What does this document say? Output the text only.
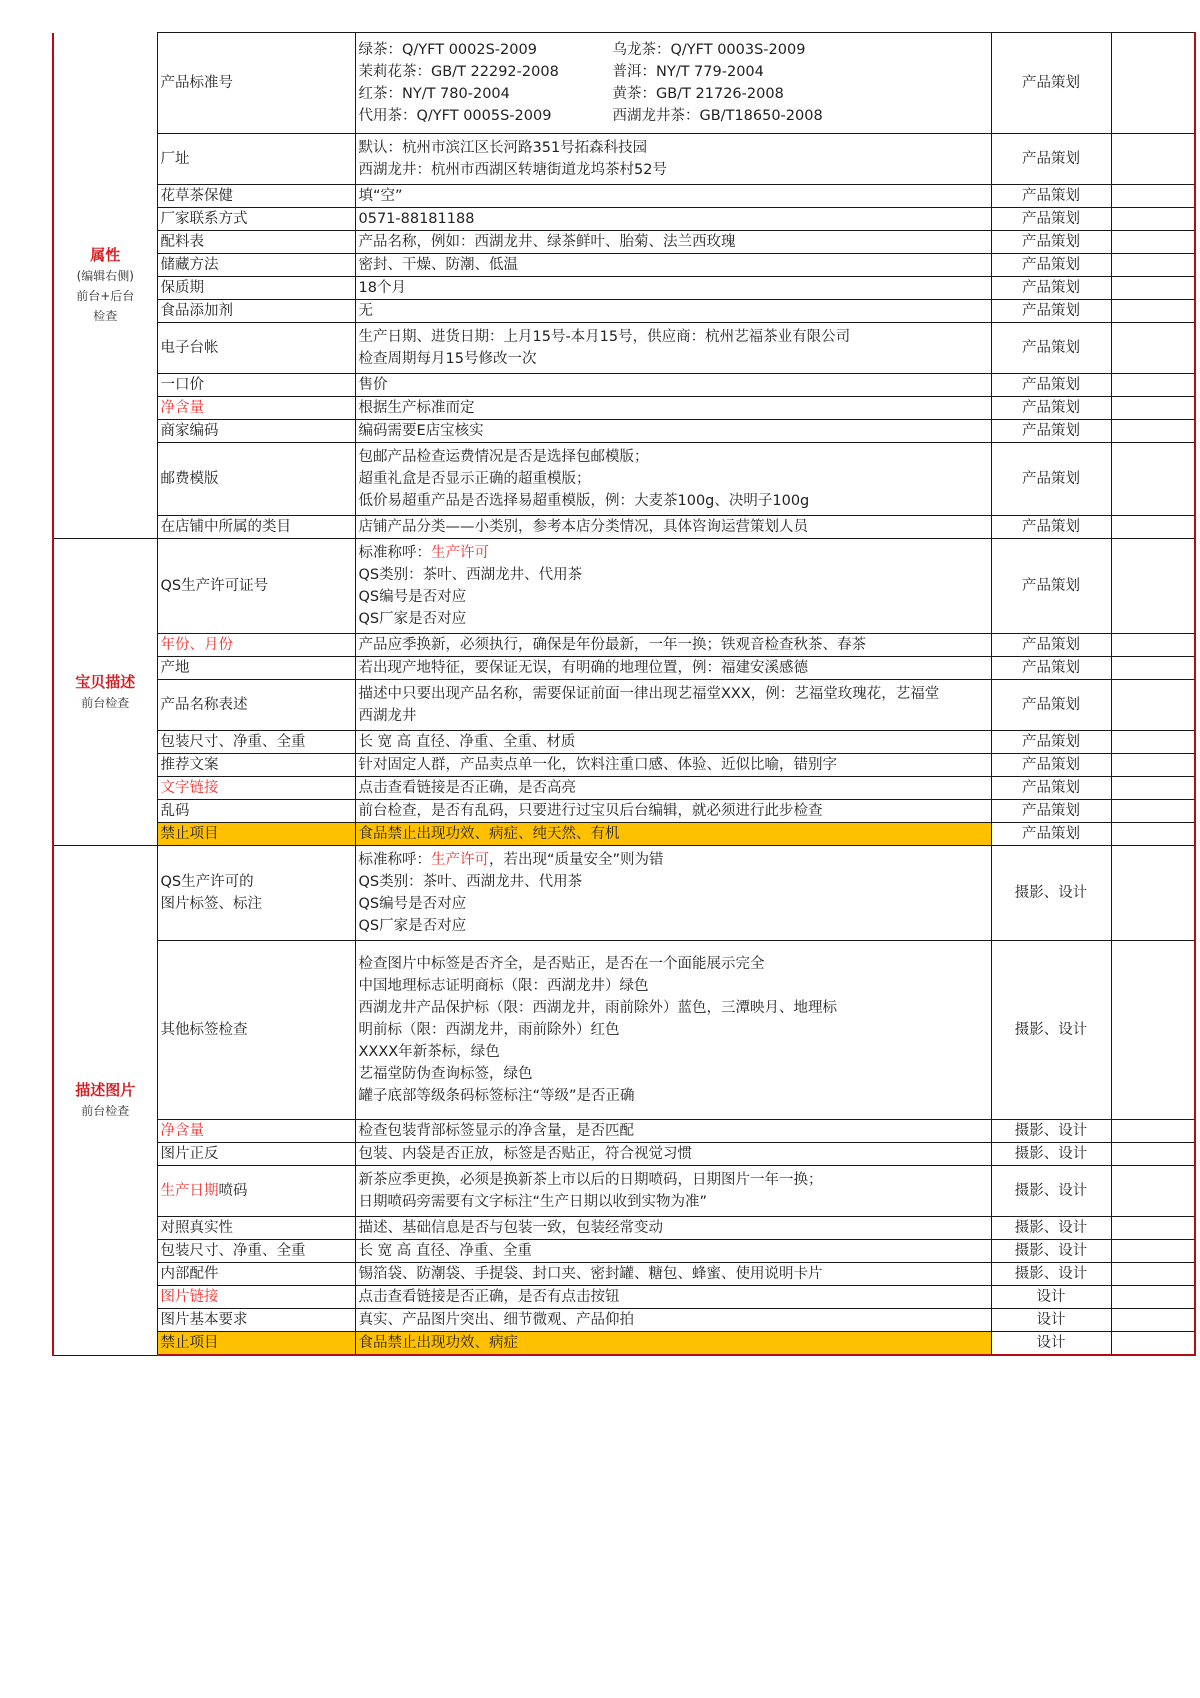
属性
(编辑右侧)
前台+后台
检查
	产品标准号	
绿茶：Q/YFT 0002S-2009	乌龙茶：Q/YFT 0003S-2009
茉莉花茶：GB/T 22292-2008	普洱：NY/T 779-2004
红茶：NY/T 780-2004	黄茶：GB/T 21726-2008
代用茶：Q/YFT 0005S-2009	西湖龙井茶：GB/T18650-2008
	产品策划	
	厂址	默认：杭州市滨江区长河路351号拓森科技园
西湖龙井：杭州市西湖区转塘街道龙坞茶村52号	产品策划	
	花草茶保健	填“空”	产品策划	
	厂家联系方式	0571-88181188	产品策划	
	配料表	产品名称，例如：西湖龙井、绿茶鲜叶、胎菊、法兰西玫瑰	产品策划	
	储藏方法	密封、干燥、防潮、低温	产品策划	
	保质期	18个月	产品策划	
	食品添加剂	无	产品策划	
	电子台帐	生产日期、进货日期：上月15号-本月15号，供应商：杭州艺福茶业有限公司
检查周期每月15号修改一次	产品策划	
	一口价	售价	产品策划	
	净含量	根据生产标准而定	产品策划	
	商家编码	编码需要E店宝核实	产品策划	
	邮费模版	包邮产品检查运费情况是否是选择包邮模版；
超重礼盒是否显示正确的超重模版；
低价易超重产品是否选择易超重模版，例：大麦茶100g、决明子100g	产品策划	
	在店铺中所属的类目	店铺产品分类——小类别，参考本店分类情况，具体咨询运营策划人员	产品策划	

宝贝描述
前台检查	QS生产许可证号	标准称呼：生产许可
QS类别：茶叶、西湖龙井、代用茶
QS编号是否对应
QS厂家是否对应	产品策划	
	年份、月份	产品应季换新，必须执行，确保是年份最新，一年一换；铁观音检查秋茶、春茶	产品策划	
	产地	若出现产地特征，要保证无误，有明确的地理位置，例：福建安溪感德	产品策划	
	产品名称表述	描述中只要出现产品名称，需要保证前面一律出现艺福堂XXX，例：艺福堂玫瑰花，艺福堂
西湖龙井	产品策划	
	包装尺寸、净重、全重	长 宽 高 直径、净重、全重、材质	产品策划	
	推荐文案	针对固定人群，产品卖点单一化，饮料注重口感、体验、近似比喻，错别字	产品策划	
	文字链接	点击查看链接是否正确，是否高亮	产品策划	
	乱码	前台检查，是否有乱码，只要进行过宝贝后台编辑，就必须进行此步检查	产品策划	
	禁止项目	食品禁止出现功效、病症、纯天然、有机	产品策划	

描述图片
前台检查	QS生产许可的
图片标签、标注	标准称呼：生产许可，若出现“质量安全”则为错
QS类别：茶叶、西湖龙井、代用茶
QS编号是否对应
QS厂家是否对应	摄影、设计	
其他标签检查	
检查图片中标签是否齐全，是否贴正，是否在一个面能展示完全
中国地理标志证明商标（限：西湖龙井）绿色
西湖龙井产品保护标（限：西湖龙井，雨前除外）蓝色，三潭映月、地理标
明前标（限：西湖龙井，雨前除外）红色
XXXX年新茶标，绿色
艺福堂防伪查询标签，绿色
罐子底部等级条码标签标注“等级”是否正确
	摄影、设计	
	净含量	检查包装背部标签显示的净含量，是否匹配	摄影、设计	
	图片正反	包装、内袋是否正放，标签是否贴正，符合视觉习惯	摄影、设计	
	生产日期喷码	新茶应季更换，必须是换新茶上市以后的日期喷码，日期图片一年一换；
日期喷码旁需要有文字标注“生产日期以收到实物为准”	摄影、设计	
	对照真实性	描述、基础信息是否与包装一致，包装经常变动	摄影、设计	
	包装尺寸、净重、全重	长 宽 高 直径、净重、全重	摄影、设计	
	内部配件	锡箔袋、防潮袋、手提袋、封口夹、密封罐、糖包、蜂蜜、使用说明卡片	摄影、设计	
	图片链接	点击查看链接是否正确，是否有点击按钮	设计	
	图片基本要求	真实、产品图片突出、细节微观、产品仰拍	设计	
	禁止项目	食品禁止出现功效、病症	设计	
